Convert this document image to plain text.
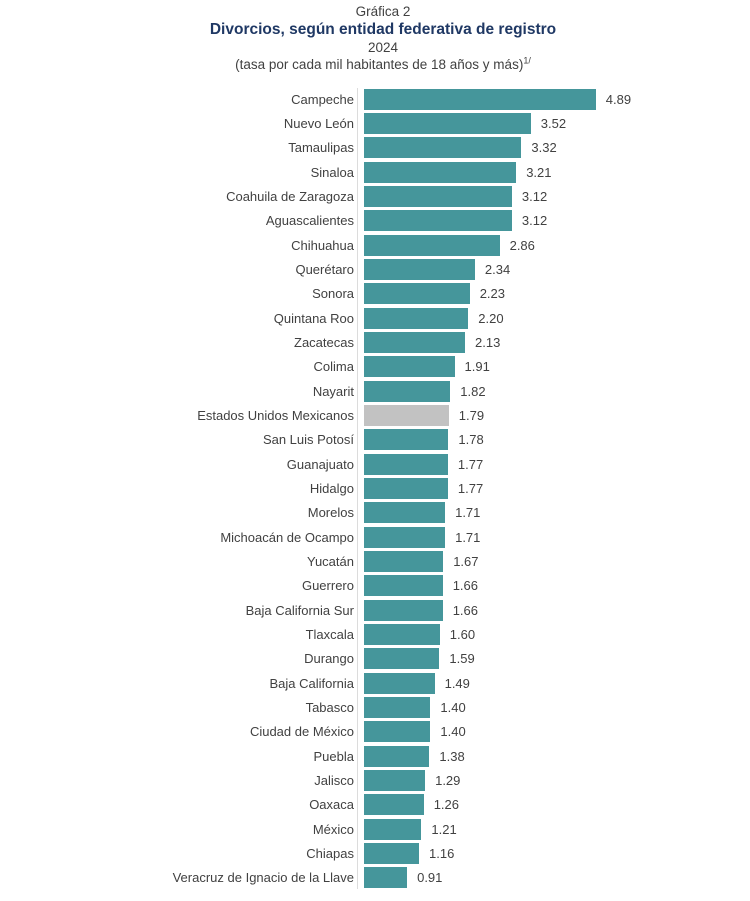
Gráfica 2
Divorcios, según entidad federativa de registro
2024
(tasa por cada mil habitantes de 18 años y más)$^{1/}$
Campeche	4.89
Nuevo León	3.52
Tamaulipas	3.32
Sinaloa	3.21
Coahuila de Zaragoza	3.12
Aguascalientes	3.12
Chihuahua	2.86
Querétaro	2.34
Sonora	2.23
Quintana Roo	2.20
Zacatecas	2.13
Colima	1.91
Nayarit	1.82
Estados Unidos Mexicanos	1.79
San Luis Potosí	1.78
Guanajuato	1.77
Hidalgo	1.77
Morelos	1.71
Michoacán de Ocampo	1.71
Yucatán	1.67
Guerrero	1.66
Baja California Sur	1.66
Tlaxcala	1.60
Durango	1.59
Baja California	1.49
Tabasco	1.40
Ciudad de México	1.40
Puebla	1.38
Jalisco	1.29
Oaxaca	1.26
México	1.21
Chiapas	1.16
Veracruz de Ignacio de la Llave	0.91
